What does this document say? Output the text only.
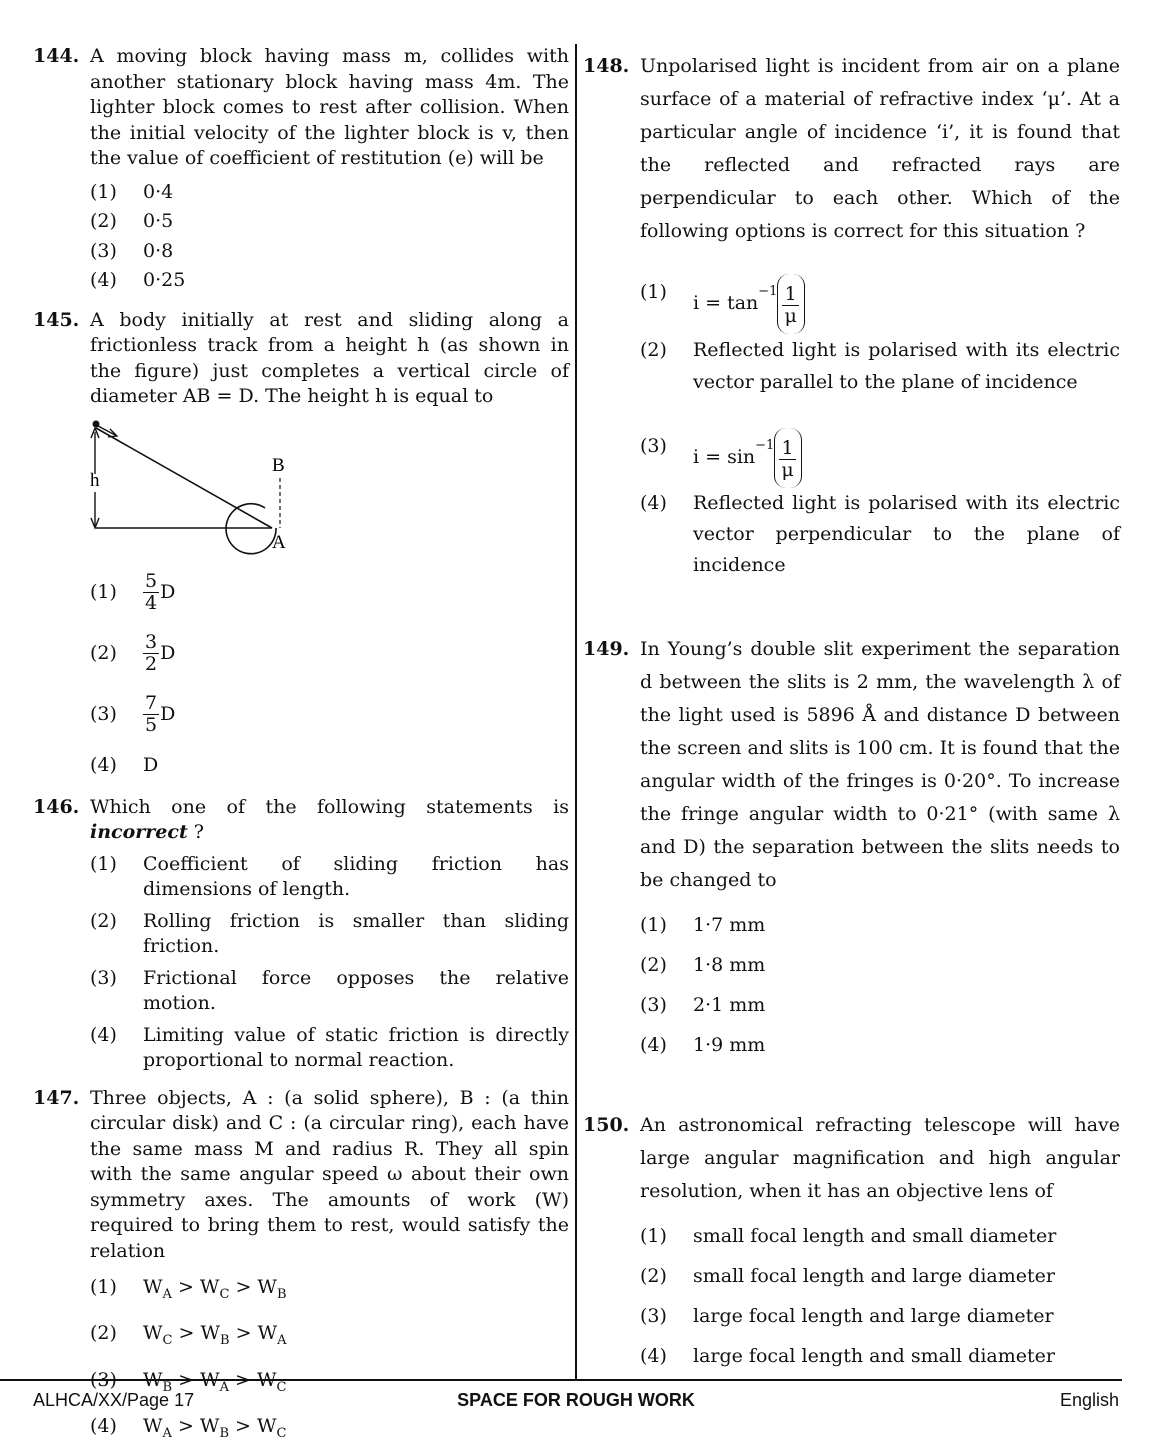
144. A moving block having mass m, collides with another stationary block having mass 4m. The lighter block comes to rest after collision. When the initial velocity of the lighter block is v, then the value of coefficient of restitution (e) will be
(1) 0·4
(2) 0·5
(3) 0·8
(4) 0·25
145. A body initially at rest and sliding along a frictionless track from a height h (as shown in the figure) just completes a vertical circle of diameter AB = D. The height h is equal to
h
B
A
$(1) \frac{5}{4}$ D
$(2) \frac{3}{2}$ D
$(3) \frac{7}{5}$ D
(4) D
146. Which one of the following statements is incorrect ?
(1) Coefficient of sliding friction has dimensions of length.
(2) Rolling friction is smaller than sliding friction.
(3) Frictional force opposes the relative motion.
(4) Limiting value of static friction is directly proportional to normal reaction.
147. Three objects, A : (a solid sphere), B : (a thin circular disk) and C : (a circular ring), each have the same mass M and radius R. They all spin with the same angular speed ω about their own symmetry axes. The amounts of work (W) required to bring them to rest, would satisfy the relation
(1) $W_A > W_C > W_B$
(2) $W_C > W_B > W_A$
(3) $W_B > W_A > W_C$
(4) $W_A > W_B > W_C$
148. Unpolarised light is incident from air on a plane surface of a material of refractive index ‘μ’. At a particular angle of incidence ‘i’, it is found that the reflected and refracted rays are perpendicular to each other. Which of the following options is correct for this situation ?
(1) $i = \tan^{-1} \frac{1}{\mu}$
(2) Reflected light is polarised with its electric vector parallel to the plane of incidence
(3) $i = \sin^{-1} \frac{1}{\mu}$
(4) Reflected light is polarised with its electric vector perpendicular to the plane of incidence
149. In Young’s double slit experiment the separation d between the slits is 2 mm, the wavelength λ of the light used is 5896 Å and distance D between the screen and slits is 100 cm. It is found that the angular width of the fringes is 0·20°. To increase the fringe angular width to 0·21° (with same λ and D) the separation between the slits needs to be changed to
(1) 1·7 mm
(2) 1·8 mm
(3) 2·1 mm
(4) 1·9 mm
150. An astronomical refracting telescope will have large angular magnification and high angular resolution, when it has an objective lens of
(1) small focal length and small diameter
(2) small focal length and large diameter
(3) large focal length and large diameter
(4) large focal length and small diameter
ALHCA/XX/Page 17	SPACE FOR ROUGH WORK	English
